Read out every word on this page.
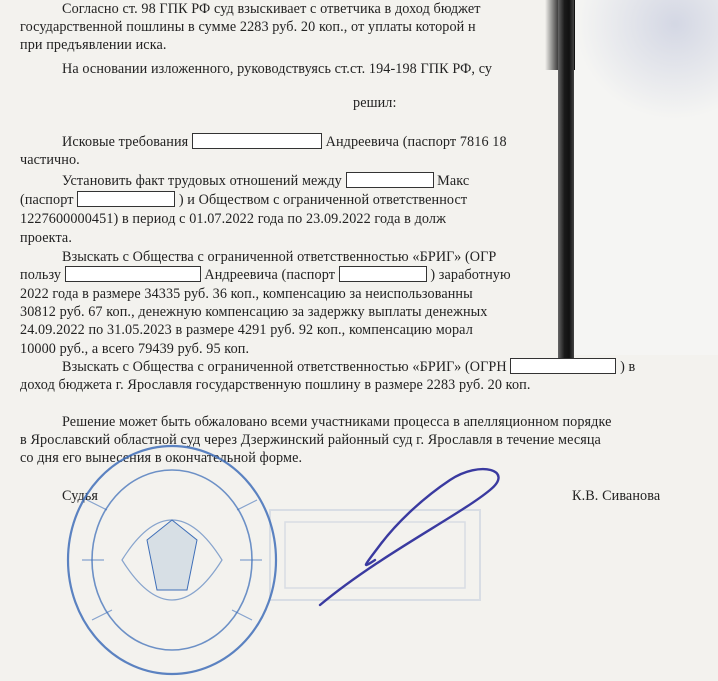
Согласно ст. 98 ГПК РФ суд взыскивает с ответчика в доход бюджет
государственной пошлины в сумме 2283 руб. 20 коп., от уплаты которой н
при предъявлении иска.
На основании изложенного, руководствуясь ст.ст. 194-198 ГПК РФ, су
решил:
Исковые требования	Андреевича (паспорт 7816 18
частично.
Установить факт трудовых отношений между	Макс
(паспорт	) и Обществом с ограниченной ответственност
1227600000451) в период с 01.07.2022 года по 23.09.2022 года в долж
проекта.
Взыскать с Общества с ограниченной ответственностью «БРИГ» (ОГР
пользу	Андреевича (паспорт	) заработную
2022 года в размере 34335 руб. 36 коп., компенсацию за неиспользованны
30812 руб. 67 коп., денежную компенсацию за задержку выплаты денежных
24.09.2022 по 31.05.2023 в размере 4291 руб. 92 коп., компенсацию морал
10000 руб., а всего 79439 руб. 95 коп.
Взыскать с Общества с ограниченной ответственностью «БРИГ» (ОГРН	) в
доход бюджета г. Ярославля государственную пошлину в размере 2283 руб. 20 коп.
Решение может быть обжаловано всеми участниками процесса в апелляционном порядке
в Ярославский областной суд через Дзержинский районный суд г. Ярославля в течение месяца
со дня его вынесения в окончательной форме.
Судья	К.В. Сиванова
